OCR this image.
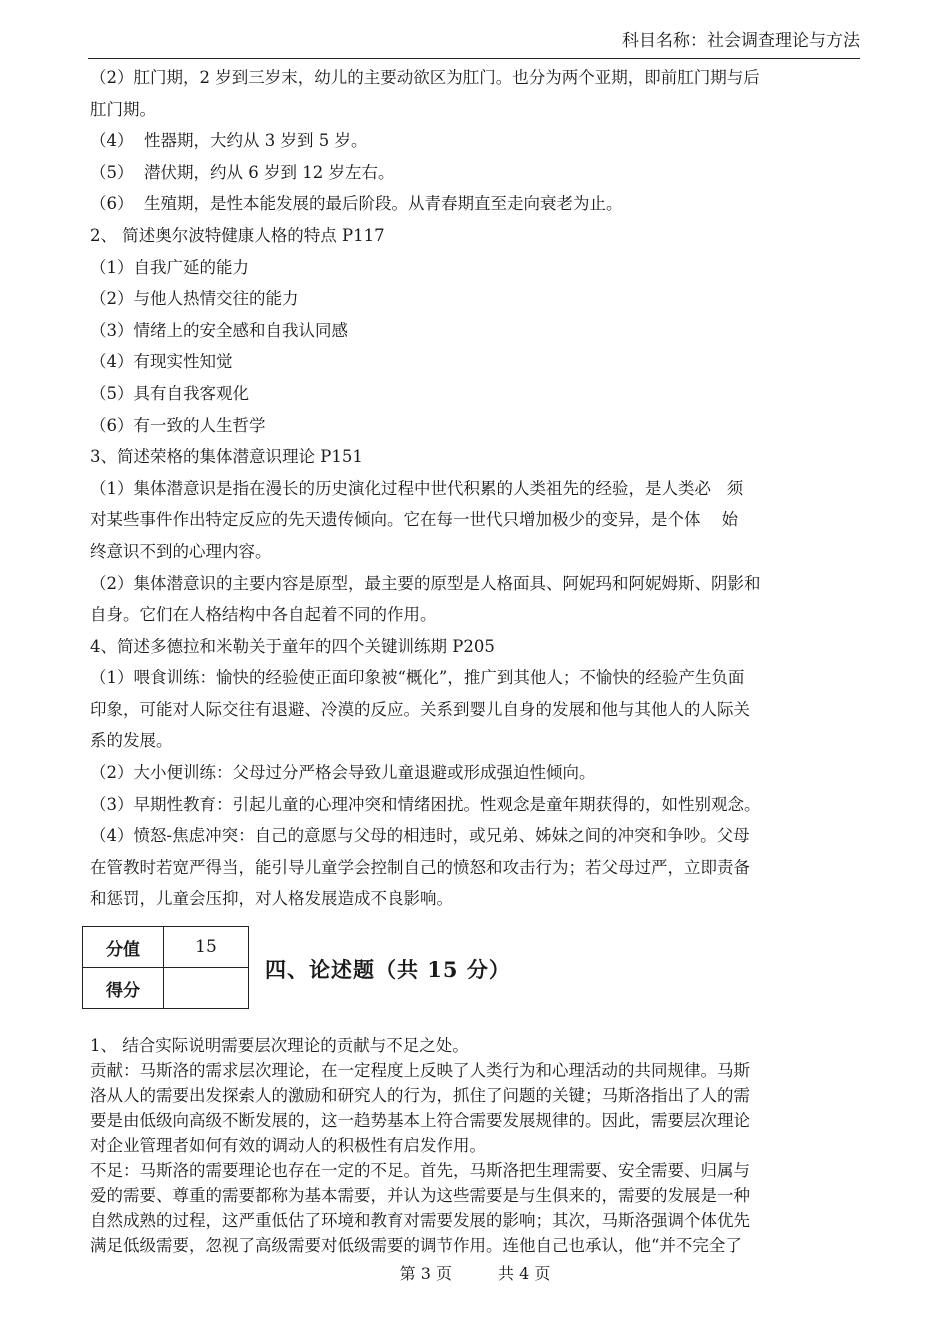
科目名称：社会调查理论与方法

（2）肛门期，2 岁到三岁末，幼儿的主要动欲区为肛门。也分为两个亚期，即前肛门期与后

肛门期。

（4）  性器期，大约从 3 岁到 5 岁。

（5）  潜伏期，约从 6 岁到 12 岁左右。

（6）  生殖期，是性本能发展的最后阶段。从青春期直至走向衰老为止。

2、 简述奥尔波特健康人格的特点 P117

（1）自我广延的能力

（2）与他人热情交往的能力

（3）情绪上的安全感和自我认同感

（4）有现实性知觉

（5）具有自我客观化

（6）有一致的人生哲学

3、简述荣格的集体潜意识理论 P151

（1）集体潜意识是指在漫长的历史演化过程中世代积累的人类祖先的经验，是人类必   须

对某些事件作出特定反应的先天遗传倾向。它在每一世代只增加极少的变异，是个体    始

终意识不到的心理内容。

（2）集体潜意识的主要内容是原型，最主要的原型是人格面具、阿妮玛和阿妮姆斯、阴影和

自身。它们在人格结构中各自起着不同的作用。

4、简述多德拉和米勒关于童年的四个关键训练期 P205

（1）喂食训练：愉快的经验使正面印象被“概化”，推广到其他人；不愉快的经验产生负面

印象，可能对人际交往有退避、冷漠的反应。关系到婴儿自身的发展和他与其他人的人际关

系的发展。

（2）大小便训练：父母过分严格会导致儿童退避或形成强迫性倾向。

（3）早期性教育：引起儿童的心理冲突和情绪困扰。性观念是童年期获得的，如性别观念。

（4）愤怒-焦虑冲突：自己的意愿与父母的相违时，或兄弟、姊妹之间的冲突和争吵。父母

在管教时若宽严得当，能引导儿童学会控制自己的愤怒和攻击行为；若父母过严，立即责备

和惩罚，儿童会压抑，对人格发展造成不良影响。

分值	15
得分	
四、论述题（共 15 分）

1、 结合实际说明需要层次理论的贡献与不足之处。

贡献：马斯洛的需求层次理论，在一定程度上反映了人类行为和心理活动的共同规律。马斯

洛从人的需要出发探索人的激励和研究人的行为，抓住了问题的关键；马斯洛指出了人的需

要是由低级向高级不断发展的，这一趋势基本上符合需要发展规律的。因此，需要层次理论

对企业管理者如何有效的调动人的积极性有启发作用。

不足：马斯洛的需要理论也存在一定的不足。首先，马斯洛把生理需要、安全需要、归属与

爱的需要、尊重的需要都称为基本需要，并认为这些需要是与生俱来的，需要的发展是一种

自然成熟的过程，这严重低估了环境和教育对需要发展的影响；其次，马斯洛强调个体优先

满足低级需要，忽视了高级需要对低级需要的调节作用。连他自己也承认，他“并不完全了

第 3 页	共 4 页
